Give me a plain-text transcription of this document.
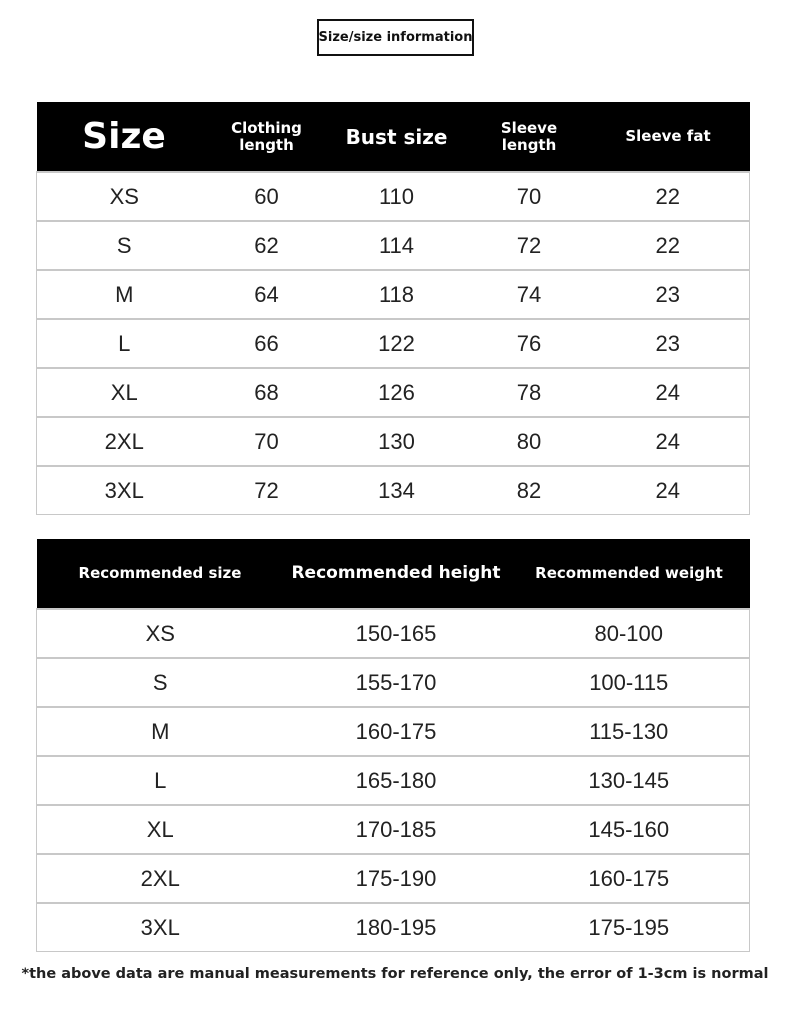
Size/size information
Size	Clothing length	Bust size	Sleeve length	Sleeve fat
XS	60	110	70	22
S	62	114	72	22
M	64	118	74	23
L	66	122	76	23
XL	68	126	78	24
2XL	70	130	80	24
3XL	72	134	82	24
Recommended size	Recommended height	Recommended weight
XS	150-165	80-100
S	155-170	100-115
M	160-175	115-130
L	165-180	130-145
XL	170-185	145-160
2XL	175-190	160-175
3XL	180-195	175-195
*the above data are manual measurements for reference only, the error of 1-3cm is normal
